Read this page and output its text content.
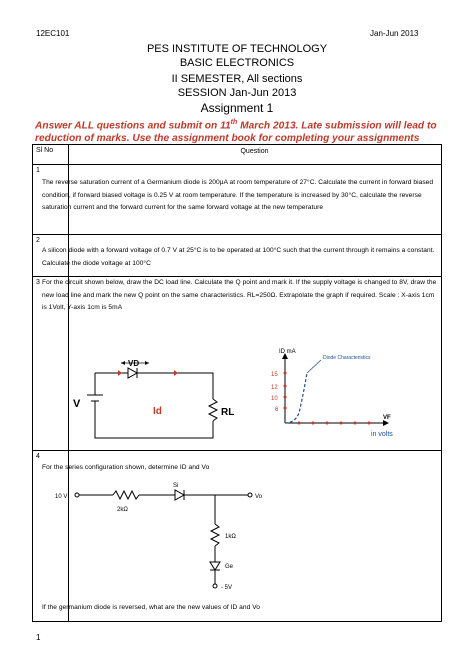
12EC101	Jan-Jun 2013
PES INSTITUTE OF TECHNOLOGY
BASIC ELECTRONICS
II SEMESTER, All sections
SESSION Jan-Jun 2013
Assignment 1
Answer ALL questions and submit on 11th March 2013. Late submission will lead to reduction of marks. Use the assignment book for completing your assignments
Sl No	Question
1
The reverse saturation current of a Germanium diode is 200µA at room temperature of 27°C. Calculate the current in forward biased condition, if forward biased voltage is 0.25 V at room temperature. If the temperature is increased by 30°C, calculate the reverse saturation current and the forward current for the same forward voltage at the new temperature
2
A silicon diode with a forward voltage of 0.7 V at 25°C is to be operated at 100°C such that the current through it remains a constant. Calculate the diode voltage at 100°C
3 For the circuit shown below, draw the DC load line. Calculate the Q point and mark it. If the supply voltage is changed to 8V, draw the new load line and mark the new Q point on the same characteristics. RL=250Ω. Extrapolate the graph if required. Scale : X-axis 1cm is 1Volt, Y-axis 1cm is 5mA
VD
V
Id	RL
ID mA
15
12
10
6
Diode Characteristics
VF
in volts
4
For the series configuration shown, determine ID and Vo
10 V
2kΩ
Si
Vo
1kΩ
Ge
- 5V
If the germanium diode is reversed, what are the new values of ID and Vo
1
